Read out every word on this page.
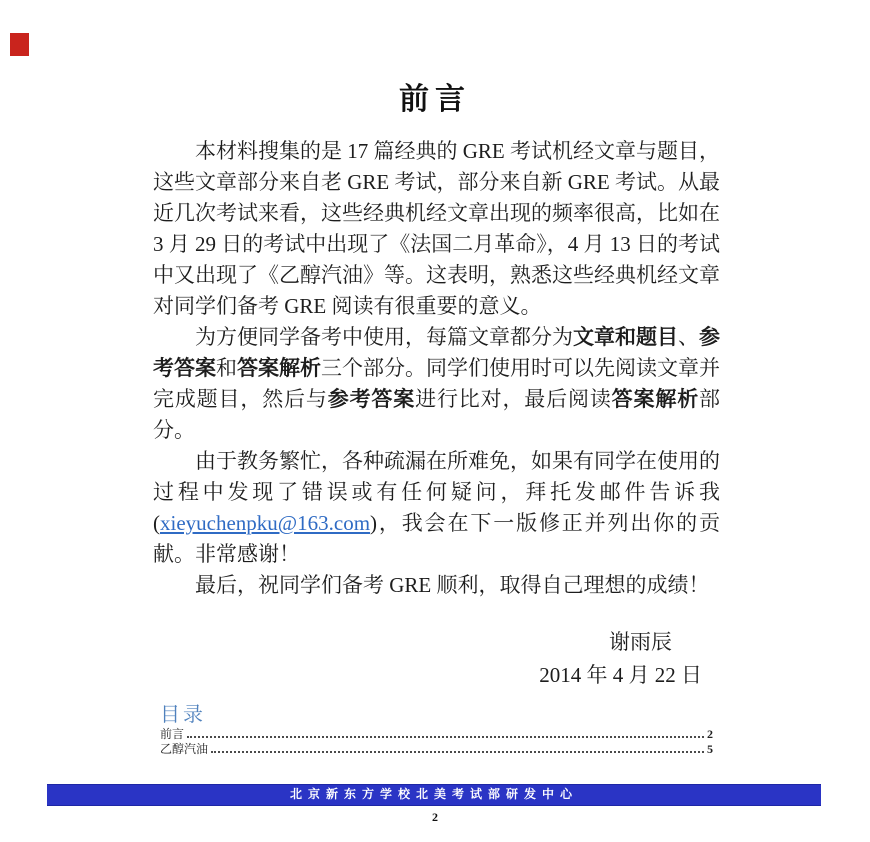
前言

本材料搜集的是 17 篇经典的 GRE 考试机经文章与题目，这些文章部分来自老 GRE 考试，部分来自新 GRE 考试。从最近几次考试来看，这些经典机经文章出现的频率很高，比如在 3 月 29 日的考试中出现了《法国二月革命》，4 月 13 日的考试中又出现了《乙醇汽油》等。这表明，熟悉这些经典机经文章对同学们备考 GRE 阅读有很重要的意义。

为方便同学备考中使用，每篇文章都分为文章和题目、参考答案和答案解析三个部分。同学们使用时可以先阅读文章并完成题目，然后与参考答案进行比对，最后阅读答案解析部分。

由于教务繁忙，各种疏漏在所难免，如果有同学在使用的过程中发现了错误或有任何疑问，拜托发邮件告诉我 (xieyuchenpku@163.com)，我会在下一版修正并列出你的贡献。非常感谢！

最后，祝同学们备考 GRE 顺利，取得自己理想的成绩！

谢雨辰
2014 年 4 月 22 日
目录
前言	2
乙醇汽油	5
北京新东方学校北美考试部研发中心
2
